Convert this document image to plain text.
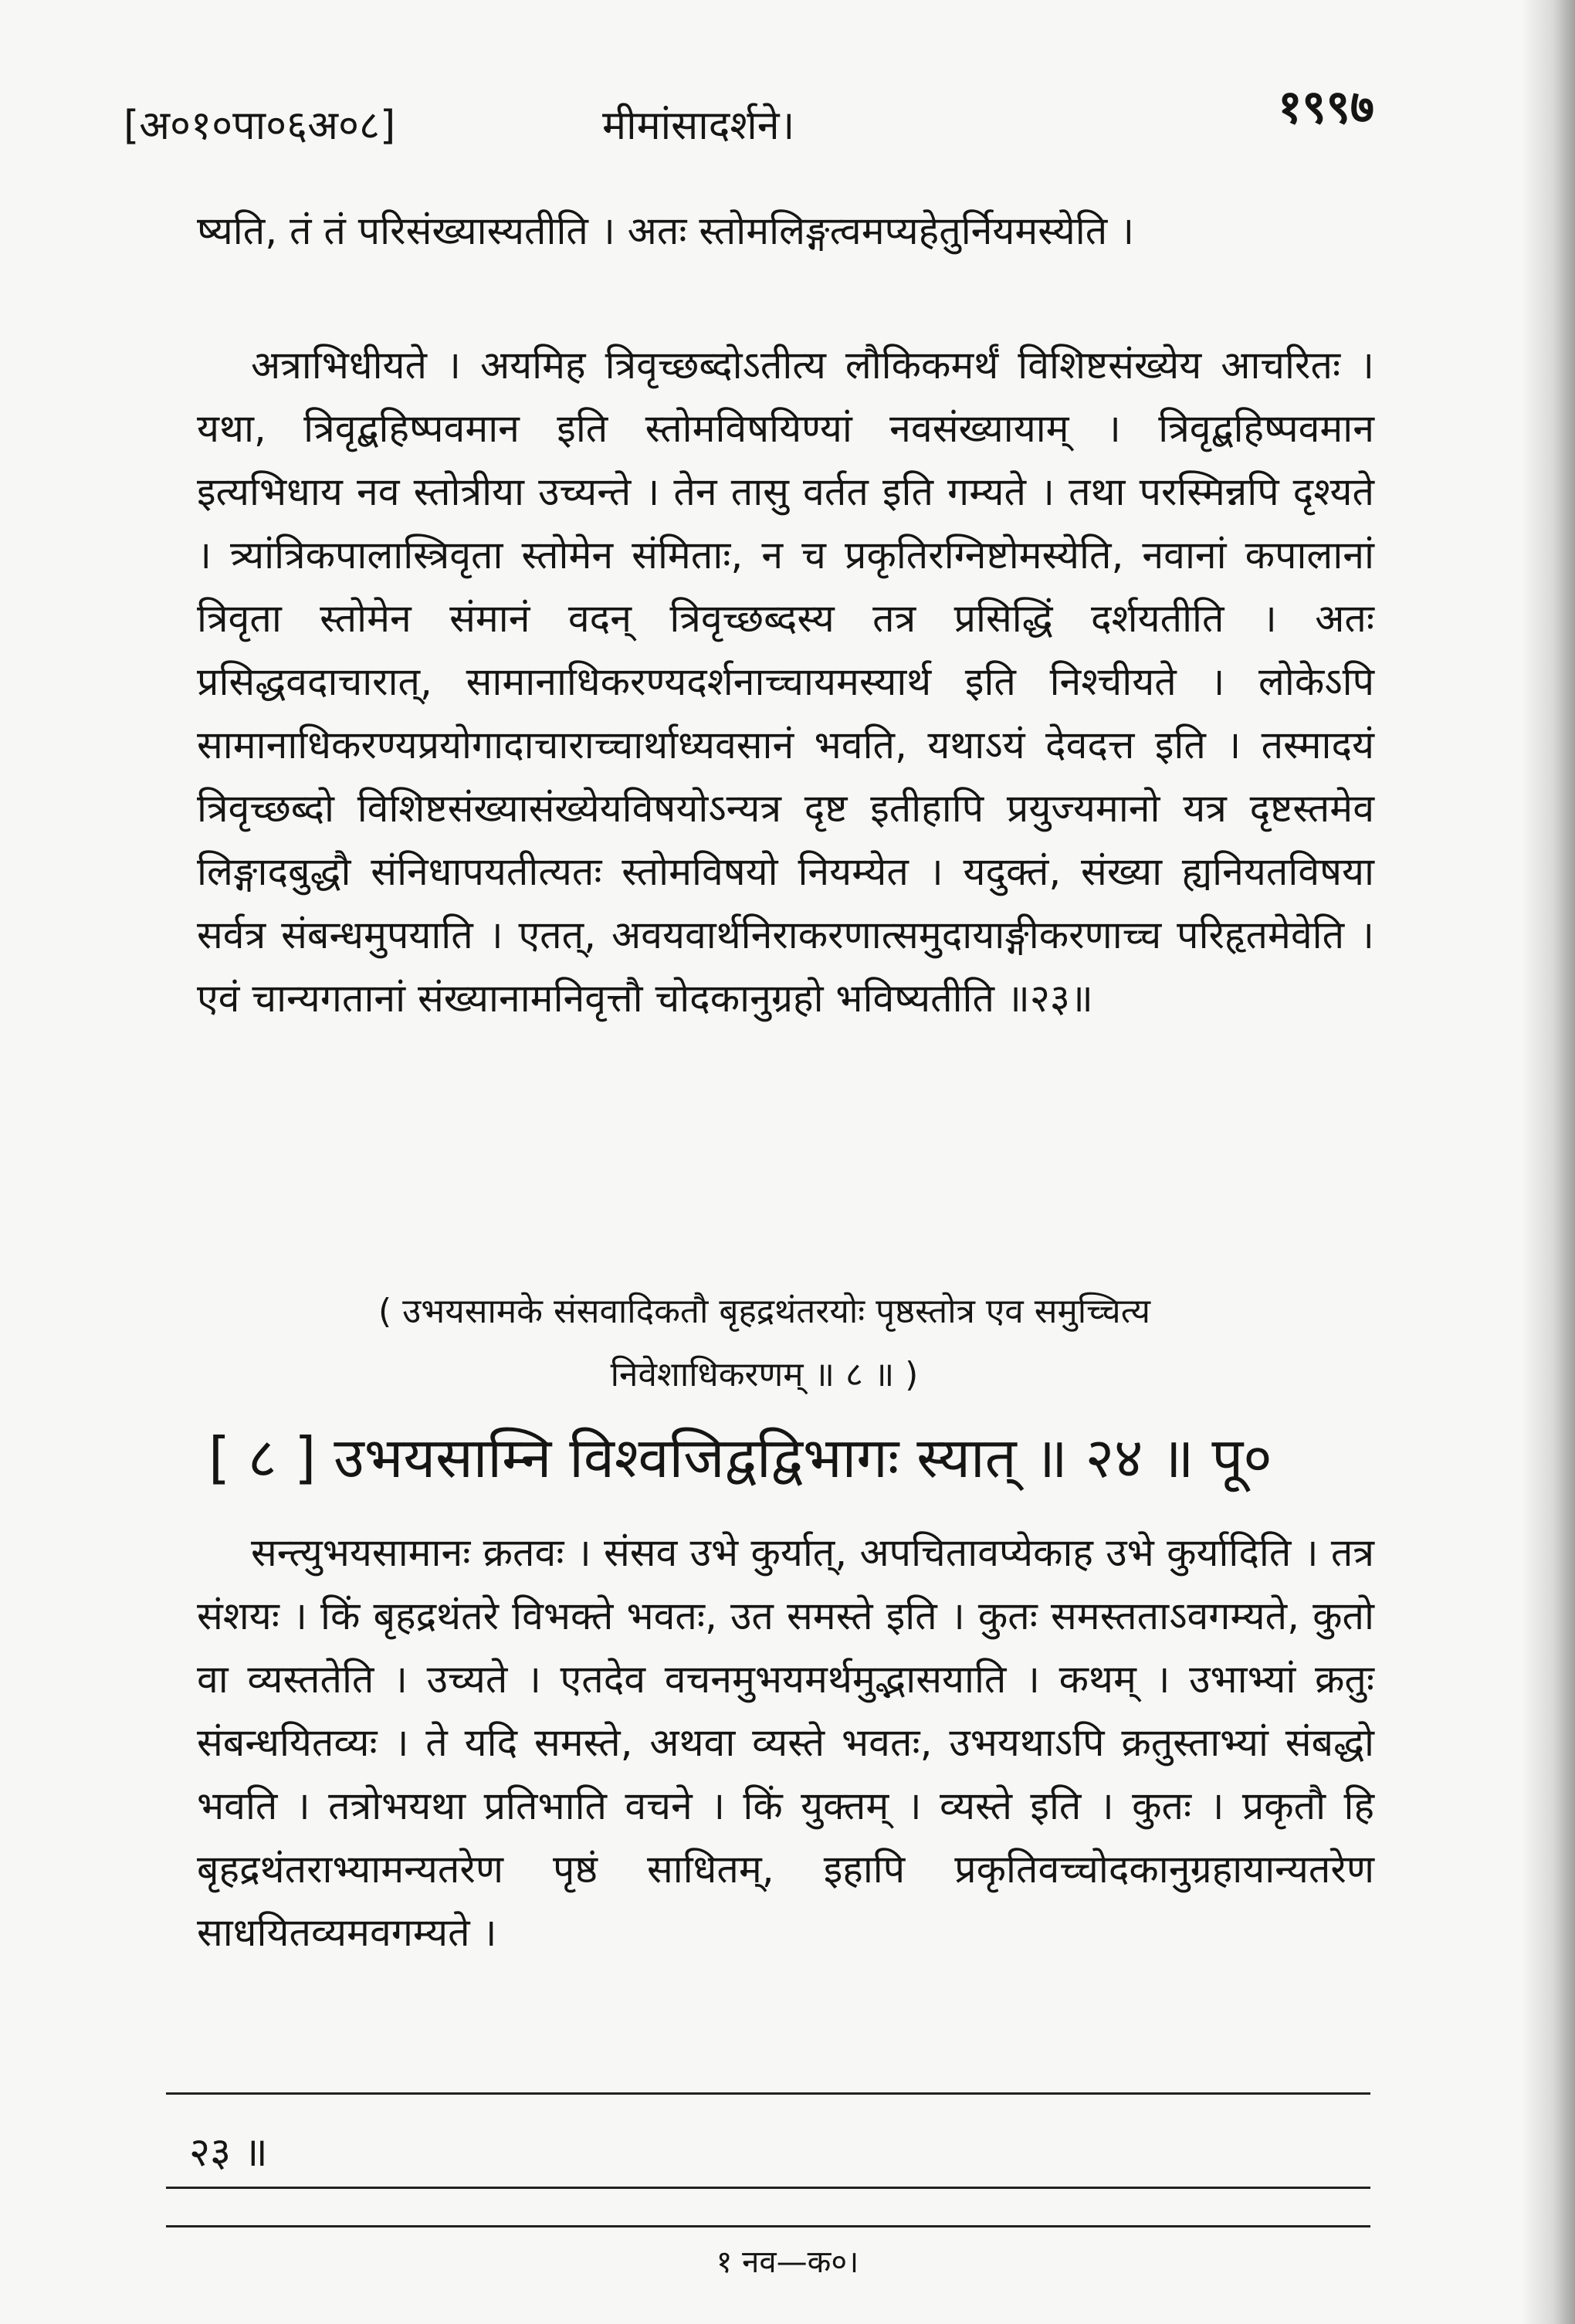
[अ०१०पा०६अ०८]	मीमांसादर्शने।	१९९७
ष्यति, तं तं परिसंख्यास्यतीति । अतः स्तोमलिङ्गत्वमप्यहेतुर्नियमस्येति ।
अत्राभिधीयते । अयमिह त्रिवृच्छब्दोऽतीत्य लौकिकमर्थं विशिष्टसंख्येय आचरितः । यथा, त्रिवृद्बहिष्पवमान इति स्तोमविषयिण्यां नवसंख्यायाम् । त्रिवृद्बहिष्पवमान इत्यभिधाय नव स्तोत्रीया उच्यन्ते । तेन तासु वर्तत इति गम्यते । तथा परस्मिन्नपि दृश्यते । त्र्यांत्रिकपालास्त्रिवृता स्तोमेन संमिताः, न च प्रकृतिरग्निष्टोमस्येति, नवानां कपालानां त्रिवृता स्तोमेन संमानं वदन् त्रिवृच्छब्दस्य तत्र प्रसिद्धिं दर्शयतीति । अतः प्रसिद्धवदाचारात्, सामानाधिकरण्यदर्शनाच्चायमस्यार्थ इति निश्चीयते । लोकेऽपि सामानाधिकरण्यप्रयोगादाचाराच्चार्थाध्यवसानं भवति, यथाऽयं देवदत्त इति । तस्मादयं त्रिवृच्छब्दो विशिष्टसंख्यासंख्येयविषयोऽन्यत्र दृष्ट इतीहापि प्रयुज्यमानो यत्र दृष्टस्तमेव लिङ्गादबुद्धौ संनिधापयतीत्यतः स्तोमविषयो नियम्येत । यदुक्तं, संख्या ह्यनियतविषया सर्वत्र संबन्धमुपयाति । एतत्, अवयवार्थनिराकरणात्समुदायाङ्गीकरणाच्च परिहृतमेवेति । एवं चान्यगतानां संख्यानामनिवृत्तौ चोदकानुग्रहो भविष्यतीति ॥२३॥
( उभयसामके संसवादिकतौ बृहद्रथंतरयोः पृष्ठस्तोत्र एव समुच्चित्य
निवेशाधिकरणम् ॥ ८ ॥ )
[ ८ ] उभयसाम्नि विश्वजिद्वद्विभागः स्यात् ॥ २४ ॥ पू०
सन्त्युभयसामानः क्रतवः । संसव उभे कुर्यात्, अपचितावप्येकाह उभे कुर्यादिति । तत्र संशयः । किं बृहद्रथंतरे विभक्ते भवतः, उत समस्ते इति । कुतः समस्तताऽवगम्यते, कुतो वा व्यस्ततेति । उच्यते । एतदेव वचनमुभयमर्थमुद्भासयाति । कथम् । उभाभ्यां क्रतुः संबन्धयितव्यः । ते यदि समस्ते, अथवा व्यस्ते भवतः, उभयथाऽपि क्रतुस्ताभ्यां संबद्धो भवति । तत्रोभयथा प्रतिभाति वचने । किं युक्तम् । व्यस्ते इति । कुतः । प्रकृतौ हि बृहद्रथंतराभ्यामन्यतरेण पृष्ठं साधितम्, इहापि प्रकृतिवच्चोदकानुग्रहायान्यतरेण साधयितव्यमवगम्यते ।
२३ ॥
१ नव—क०।
